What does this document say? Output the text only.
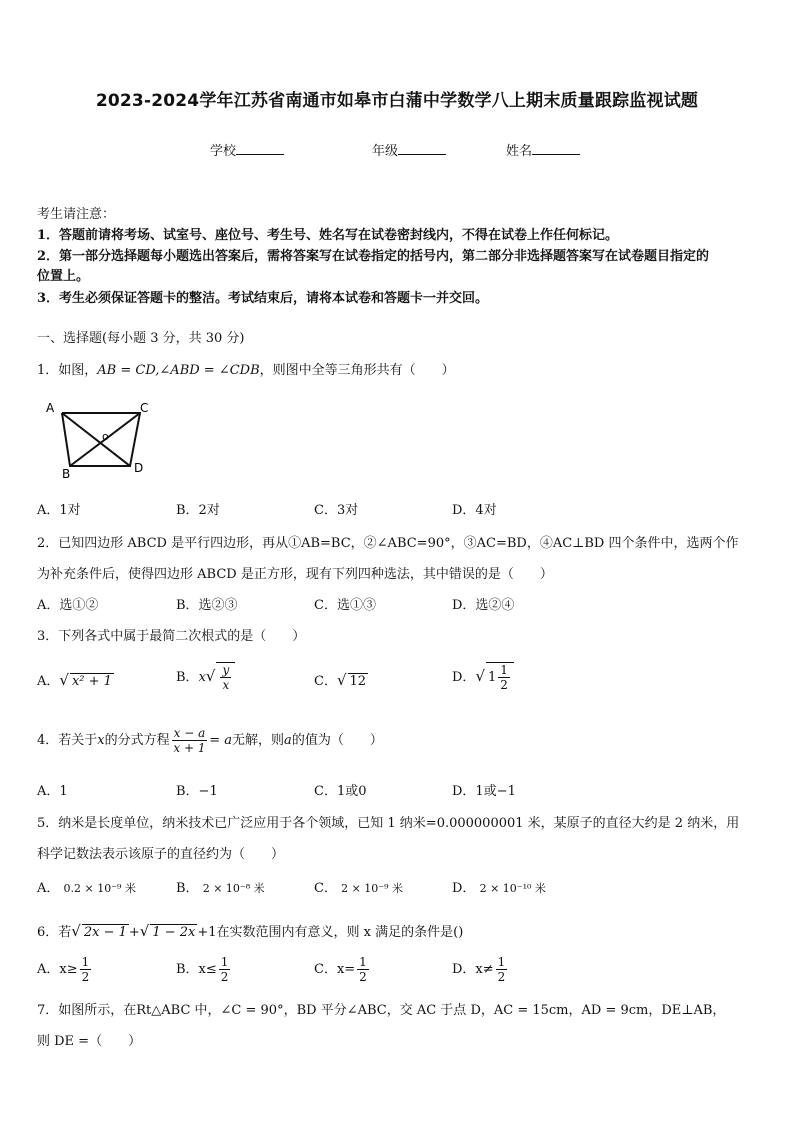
2023-2024学年江苏省南通市如皋市白蒲中学数学八上期末质量跟踪监视试题
学校	年级	姓名
考生请注意：
1．答题前请将考场、试室号、座位号、考生号、姓名写在试卷密封线内，不得在试卷上作任何标记。
2．第一部分选择题每小题选出答案后，需将答案写在试卷指定的括号内，第二部分非选择题答案写在试卷题目指定的
位置上。
3．考生必须保证答题卡的整洁。考试结束后，请将本试卷和答题卡一并交回。
一、选择题(每小题 3 分，共 30 分)
1．如图，AB = CD,∠ABD = ∠CDB，则图中全等三角形共有（　　）
A	C
o
B	D
A．1对	B．2对	C．3对	D．4对
2．已知四边形 ABCD 是平行四边形，再从①AB=BC，②∠ABC=90°，③AC=BD，④AC⊥BD 四个条件中，选两个作
为补充条件后，使得四边形 ABCD 是正方形，现有下列四种选法，其中错误的是（　　）
A．选①②	B．选②③	C．选①③	D．选②④
3．下列各式中属于最简二次根式的是（　　）
A．√ x² + 1	B．$x√ \frac{y}{x}$	C．√ 12	D．√ $1 \frac{1}{2}$
4．若关于x的分式方程 $\frac{x - a}{x + 1} = a$无解，则a的值为（　　）
A．1	B．−1	C．1或0	D．1或−1
5．纳米是长度单位，纳米技术已广泛应用于各个领域，已知 1 纳米=0.000000001 米，某原子的直径大约是 2 纳米，用
科学记数法表示该原子的直径约为（　　）
A． 0.2 × 10⁻⁹ 米	B． 2 × 10⁻⁸ 米	C． 2 × 10⁻⁹ 米	D． 2 × 10⁻¹⁰ 米
6．若√ 2x − 1 +√ 1 − 2x +1在实数范围内有意义，则 x 满足的条件是()
A．$x\ge \frac{1}{2}$	B．$x\le \frac{1}{2}$	C．$x= \frac{1}{2}$	D．$x\ne \frac{1}{2}$
7．如图所示，在Rt△ABC 中，∠C = 90°，BD 平分∠ABC，交 AC 于点 D，AC = 15cm，AD = 9cm，DE⊥AB，
则 DE =（　　）
